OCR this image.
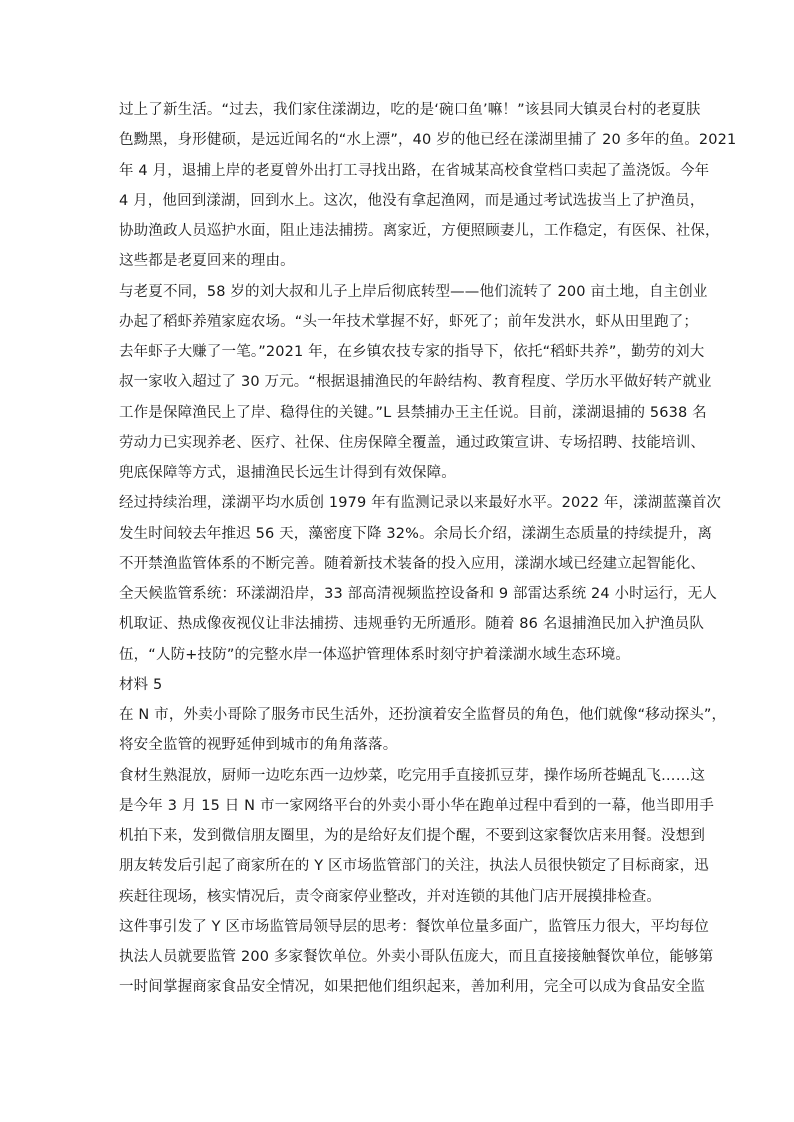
过上了新生活。“过去，我们家住漾湖边，吃的是‘碗口鱼’嘛！”该县同大镇灵台村的老夏肤
色黝黑，身形健硕，是远近闻名的“水上漂”，40 岁的他已经在漾湖里捕了 20 多年的鱼。2021
年 4 月，退捕上岸的老夏曾外出打工寻找出路，在省城某高校食堂档口卖起了盖浇饭。今年
4 月，他回到漾湖，回到水上。这次，他没有拿起渔网，而是通过考试选拔当上了护渔员，
协助渔政人员巡护水面，阻止违法捕捞。离家近，方便照顾妻儿，工作稳定，有医保、社保，
这些都是老夏回来的理由。
与老夏不同，58 岁的刘大叔和儿子上岸后彻底转型——他们流转了 200 亩土地，自主创业
办起了稻虾养殖家庭农场。“头一年技术掌握不好，虾死了；前年发洪水，虾从田里跑了；
去年虾子大赚了一笔。”2021 年，在乡镇农技专家的指导下，依托“稻虾共养”，勤劳的刘大
叔一家收入超过了 30 万元。“根据退捕渔民的年龄结构、教育程度、学历水平做好转产就业
工作是保障渔民上了岸、稳得住的关键。”L 县禁捕办王主任说。目前，漾湖退捕的 5638 名
劳动力已实现养老、医疗、社保、住房保障全覆盖，通过政策宣讲、专场招聘、技能培训、
兜底保障等方式，退捕渔民长远生计得到有效保障。
经过持续治理，漾湖平均水质创 1979 年有监测记录以来最好水平。2022 年，漾湖蓝藻首次
发生时间较去年推迟 56 天，藻密度下降 32%。余局长介绍，漾湖生态质量的持续提升，离
不开禁渔监管体系的不断完善。随着新技术装备的投入应用，漾湖水域已经建立起智能化、
全天候监管系统：环漾湖沿岸，33 部高清视频监控设备和 9 部雷达系统 24 小时运行，无人
机取证、热成像夜视仪让非法捕捞、违规垂钓无所遁形。随着 86 名退捕渔民加入护渔员队
伍，“人防+技防”的完整水岸一体巡护管理体系时刻守护着漾湖水域生态环境。
材料 5
在 N 市，外卖小哥除了服务市民生活外，还扮演着安全监督员的角色，他们就像“移动探头”，
将安全监管的视野延伸到城市的角角落落。
食材生熟混放，厨师一边吃东西一边炒菜，吃完用手直接抓豆芽，操作场所苍蝇乱飞……这
是今年 3 月 15 日 N 市一家网络平台的外卖小哥小华在跑单过程中看到的一幕，他当即用手
机拍下来，发到微信朋友圈里，为的是给好友们提个醒，不要到这家餐饮店来用餐。没想到
朋友转发后引起了商家所在的 Y 区市场监管部门的关注，执法人员很快锁定了目标商家，迅
疾赶往现场，核实情况后，责令商家停业整改，并对连锁的其他门店开展摸排检查。
这件事引发了 Y 区市场监管局领导层的思考：餐饮单位量多面广，监管压力很大，平均每位
执法人员就要监管 200 多家餐饮单位。外卖小哥队伍庞大，而且直接接触餐饮单位，能够第
一时间掌握商家食品安全情况，如果把他们组织起来，善加利用，完全可以成为食品安全监
